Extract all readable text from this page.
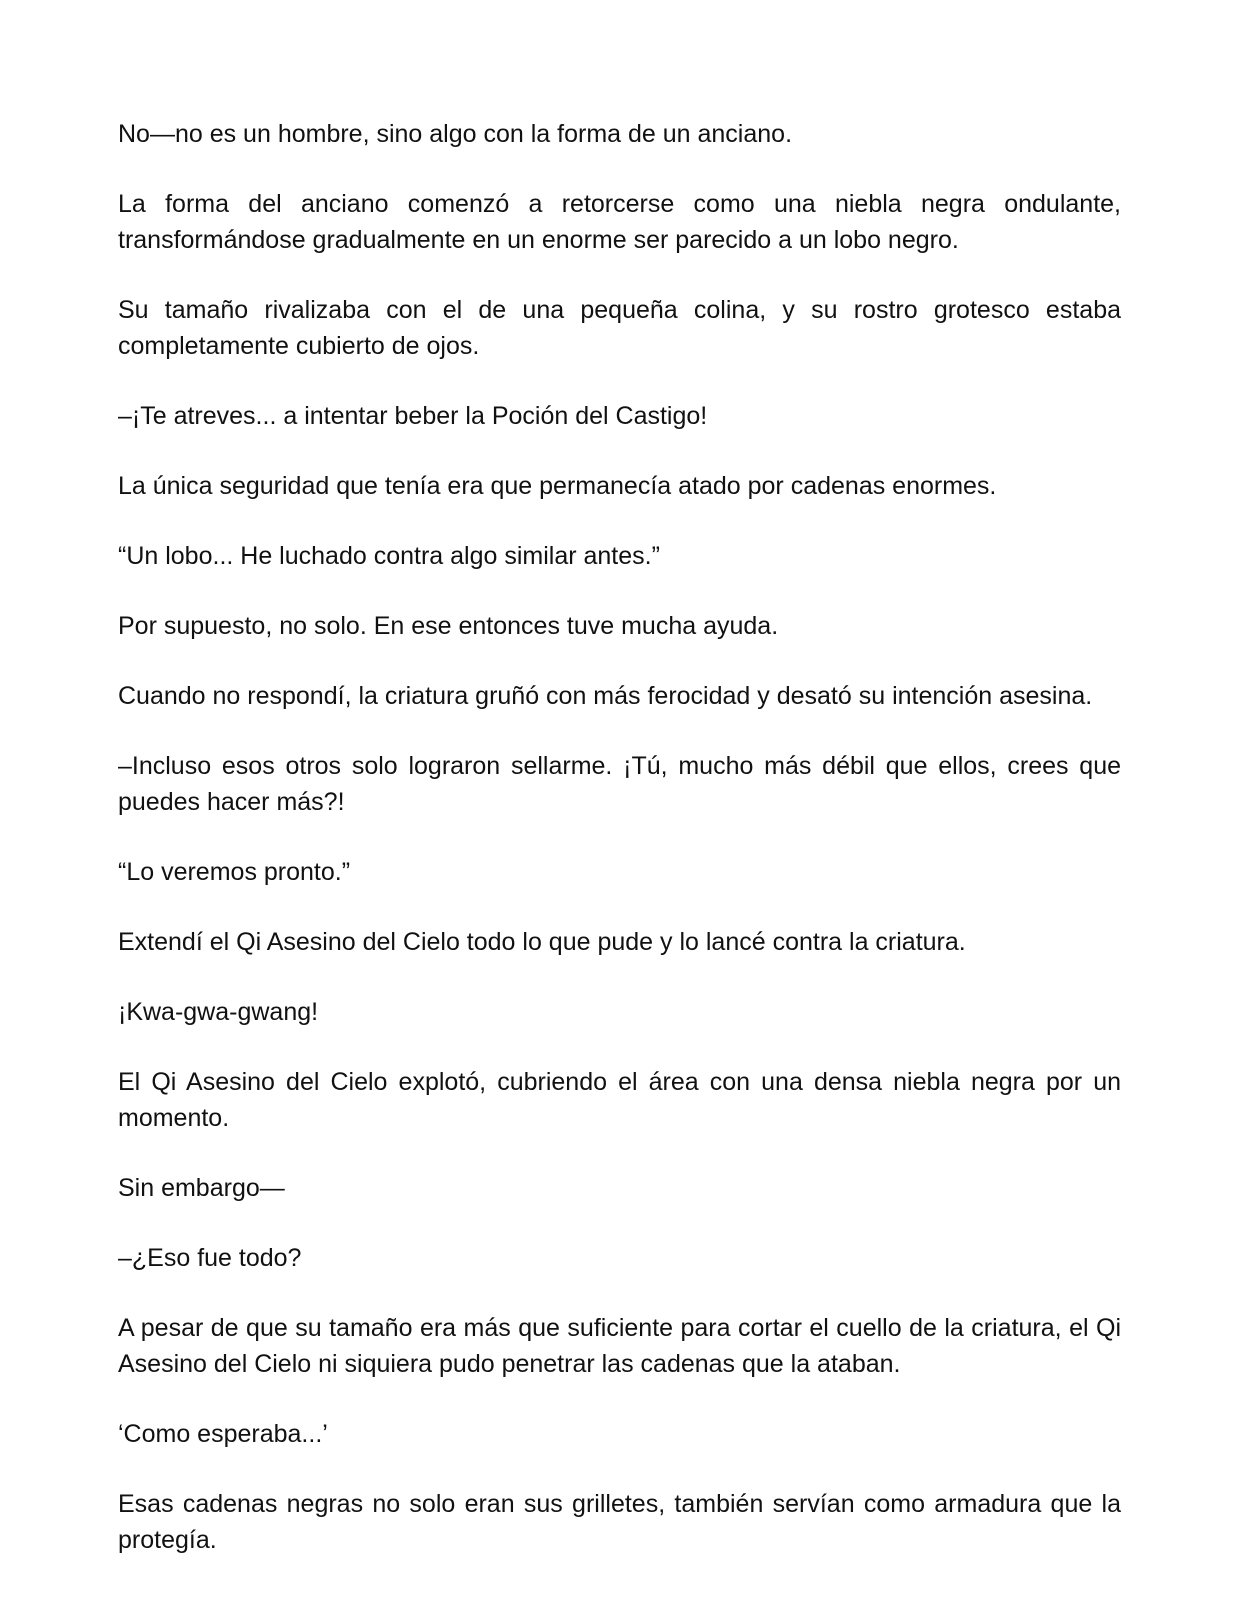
No—no es un hombre, sino algo con la forma de un anciano.

La forma del anciano comenzó a retorcerse como una niebla negra ondulante, transformándose gradualmente en un enorme ser parecido a un lobo negro.

Su tamaño rivalizaba con el de una pequeña colina, y su rostro grotesco estaba completamente cubierto de ojos.

–¡Te atreves... a intentar beber la Poción del Castigo!

La única seguridad que tenía era que permanecía atado por cadenas enormes.

“Un lobo... He luchado contra algo similar antes.”

Por supuesto, no solo. En ese entonces tuve mucha ayuda.

Cuando no respondí, la criatura gruñó con más ferocidad y desató su intención asesina.

–Incluso esos otros solo lograron sellarme. ¡Tú, mucho más débil que ellos, crees que puedes hacer más?!

“Lo veremos pronto.”

Extendí el Qi Asesino del Cielo todo lo que pude y lo lancé contra la criatura.

¡Kwa-gwa-gwang!

El Qi Asesino del Cielo explotó, cubriendo el área con una densa niebla negra por un momento.

Sin embargo—

–¿Eso fue todo?

A pesar de que su tamaño era más que suficiente para cortar el cuello de la criatura, el Qi Asesino del Cielo ni siquiera pudo penetrar las cadenas que la ataban.

‘Como esperaba...’

Esas cadenas negras no solo eran sus grilletes, también servían como armadura que la protegía.
